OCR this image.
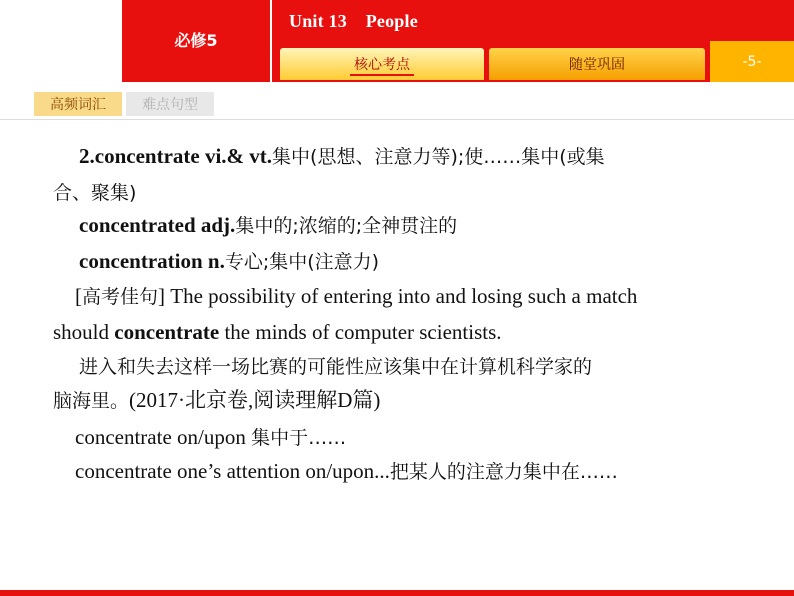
必修5
Unit 13    People
核心考点	随堂巩固	-5-
高频词汇	难点句型
2.concentrate vi.& vt.集中(思想、注意力等);使……集中(或集
合、聚集)
concentrated adj.集中的;浓缩的;全神贯注的
concentration n.专心;集中(注意力)
[高考佳句] The possibility of entering into and losing such a match
should concentrate the minds of computer scientists.
进入和失去这样一场比赛的可能性应该集中在计算机科学家的
脑海里。(2017·北京卷,阅读理解D篇)
concentrate on/upon 集中于……
concentrate one’s attention on/upon...把某人的注意力集中在……
